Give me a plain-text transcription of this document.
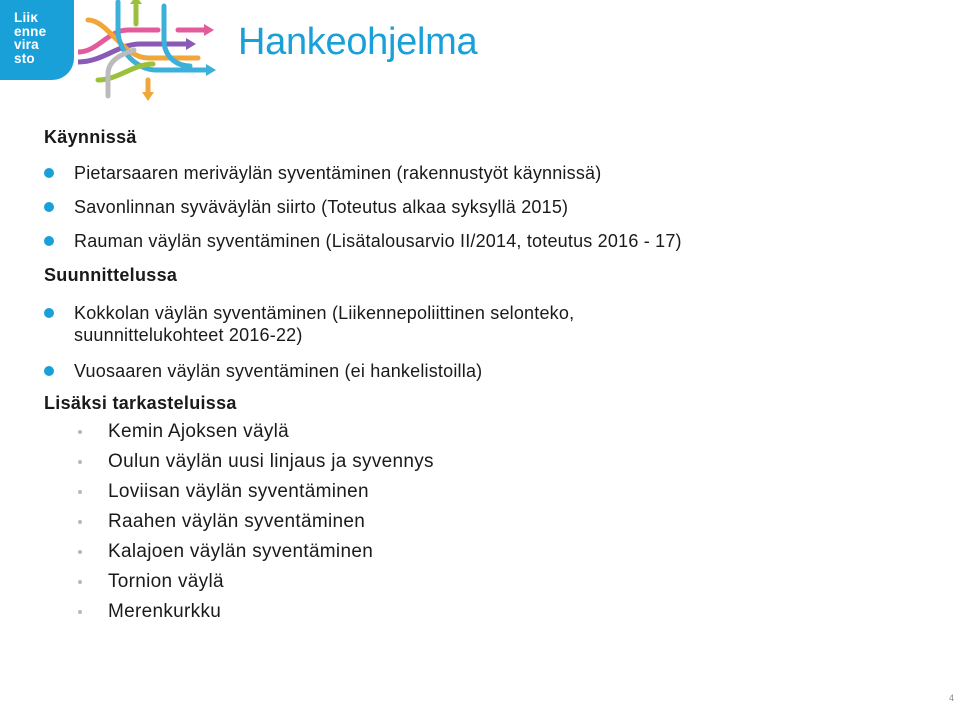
Liiĸ
enne
vira
sto	Hankeohjelma
Käynnissä
Pietarsaaren meriväylän syventäminen (rakennustyöt käynnissä)
Savonlinnan syväväylän siirto (Toteutus alkaa syksyllä 2015)
Rauman väylän syventäminen (Lisätalousarvio II/2014, toteutus 2016 - 17)
Suunnittelussa
Kokkolan väylän syventäminen (Liikennepoliittinen selonteko, suunnittelukohteet 2016-22)
Vuosaaren väylän syventäminen (ei hankelistoilla)
Lisäksi tarkasteluissa
Kemin Ajoksen väylä
Oulun väylän uusi linjaus ja syvennys
Loviisan väylän syventäminen
Raahen väylän syventäminen
Kalajoen väylän syventäminen
Tornion väylä
Merenkurkku
4
